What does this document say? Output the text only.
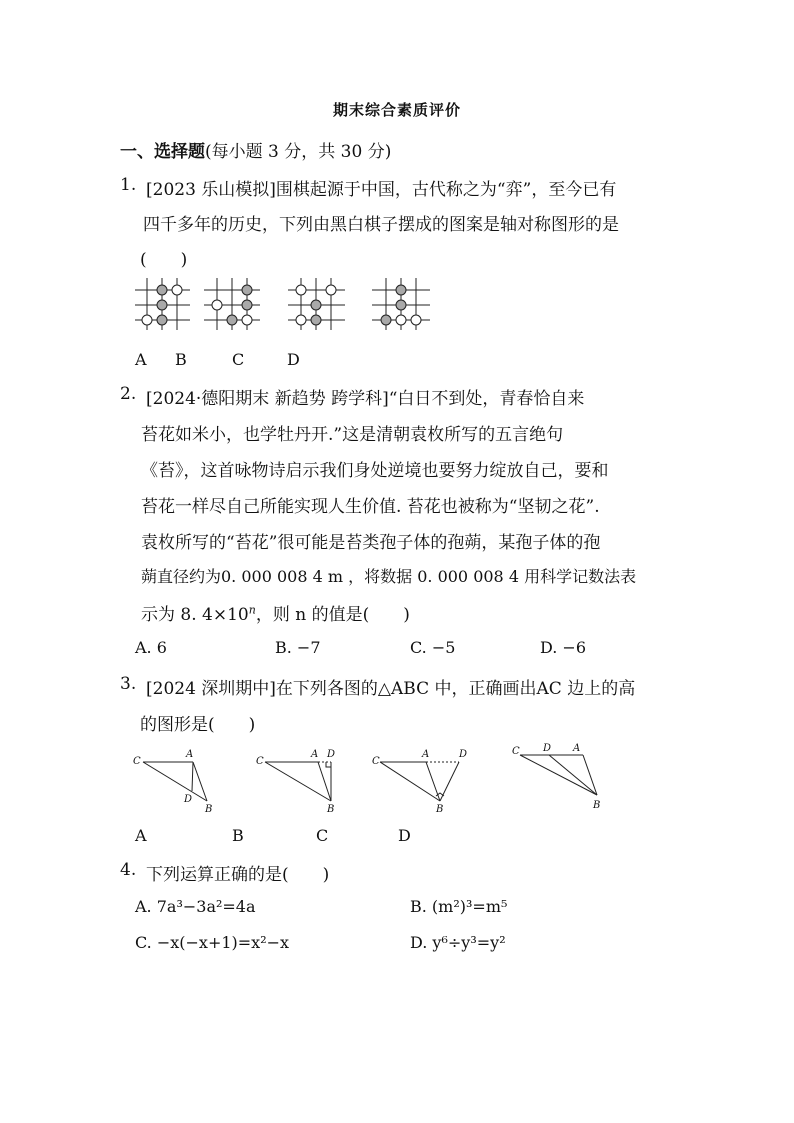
期末综合素质评价
一、选择题(每小题 3 分，共 30 分)
1. [2023 乐山模拟]围棋起源于中国，古代称之为“弈”，至今已有
四千多年的历史，下列由黑白棋子摆成的图案是轴对称图形的是
(　　)
A B	C	D
2. [2024·德阳期末 新趋势 跨学科]“白日不到处，青春恰自来
苔花如米小，也学牡丹开.”这是清朝袁枚所写的五言绝句
《苔》，这首咏物诗启示我们身处逆境也要努力绽放自己，要和
苔花一样尽自己所能实现人生价值. 苔花也被称为“坚韧之花”.
袁枚所写的“苔花”很可能是苔类孢子体的孢蒴，某孢子体的孢
蒴直径约为0. 000 008 4 m ，将数据 0. 000 008 4 用科学记数法表
示为 8. $4\times 10^n$，则 n 的值是(　　)
A. 6	B. −7	C. −5	D. −6
3. [2024 深圳期中]在下列各图的△ABC 中，正确画出AC 边上的高
的图形是(　　)
C
A
D
B
C
A D
B
C
A	D
B
C D A
B
A	B	C	D
4. 下列运算正确的是(　　)
A. 7a³−3a²=4a	B. (m²)³=m⁵
C. −x(−x+1)=x²−x	D. y⁶÷y³=y²
